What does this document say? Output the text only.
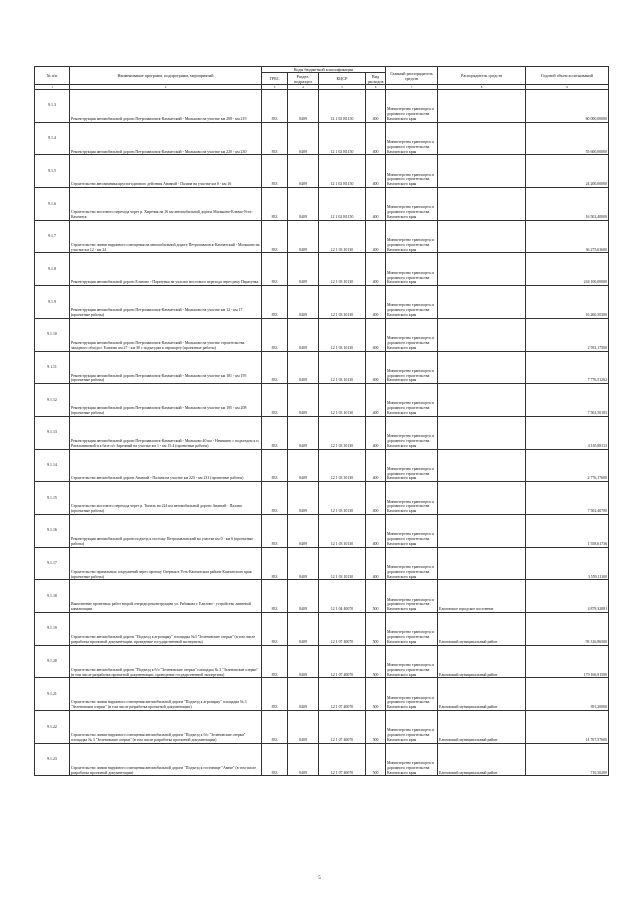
№ п/п	Наименование программ, подпрограмм, мероприятий	Коды бюджетной классификации				Главный распорядитель средств	Распорядитель средств	Годовой объем ассигнований
		ГРБС	Раздел, подраздел	КЦСР	Вид расходов			
1	2	3	4	5	6	7	8	9
9.1.3	Реконструкция автомобильной дороги Петропавловск-Камчатский - Мильково на участке км 208 - км 219	833	0409	12 1 02 R1150	400	Министерство транспорта и дорожного строительства Камчатского края		60 000,00000
9.1.4	Реконструкция автомобильной дороги Петропавловск-Камчатский - Мильково на участке км 220 - км 230	833	0409	12 1 02 R1150	400	Министерство транспорта и дорожного строительства Камчатского края		55 600,00000
9.1.5	Строительство автозимника круглогодичного действия Анавгай - Палана на участке км 0 - км 16	833	0409	12 1 02 R1150	400	Министерство транспорта и дорожного строительства Камчатского края		24 200,00000
9.1.6	Строительство мостового перехода через р. Хиречик на 16 км автомобильной дороги Мильково-Ключи-Усть-Камчатск	833	0409	12 1 02 R1150	400	Министерство транспорта и дорожного строительства Камчатского края		16 502,40000
9.1.7	Строительство линии наружного освещения на автомобильной дороге Петропавловск-Камчатский - Мильково на участке км 12 - км 24	833	0409	12 1 03 10130	400	Министерство транспорта и дорожного строительства Камчатского края		36 275,63600
9.1.8	Реконструкция автомобильной дороги Елизово - Паратунка на участке мостового перехода через реку Паратунка	833	0409	12 1 03 10130	400	Министерство транспорта и дорожного строительства Камчатского края		244 100,00000
9.1.9	Реконструкция автомобильной дороги Петропавловск-Камчатский - Мильково на участке км 12 - км 17 (проектные работы)	833	0409	12 1 03 10130	400	Министерство транспорта и дорожного строительства Камчатского края		16 260,50300
9.1.10	Реконструкция автомобильной дороги Петропавловск-Камчатский - Мильково на участке строительства западного обхода г. Елизово км 27 - км 30 с подъездом к аэропорту (проектные работы)	833	0409	12 1 03 10130	400	Министерство транспорта и дорожного строительства Камчатского края		2 592,17500
9.1.11	Реконструкция автомобильной дороги Петропавловск-Камчатский - Мильково на участке км 181 - км 195 (проектные работы)	833	0409	12 1 03 10130	400	Министерство транспорта и дорожного строительства Камчатского края		7 776,51262
9.1.12	Реконструкция автомобильной дороги Петропавловск-Камчатский - Мильково на участке км 195 - км 208 (проектные работы)	833	0409	12 1 03 10130	400	Министерство транспорта и дорожного строительства Камчатского края		7 502,50183
9.1.13	Реконструкция автомобильной дороги Петропавловск-Камчатский - Мильково 40 км - Начикино с подъездом к п. Ратальниковой и к базе п/с Заречный на участке км 1 - км 15.4 (проектные работы)	833	0409	12 1 03 10130	400	Министерство транспорта и дорожного строительства Камчатского края		4 165,88113
9.1.14	Строительство автомобильной дороги Анавгай - Палана на участке км 225 - км 231 (проектные работы)	833	0409	12 1 03 10130	400	Министерство транспорта и дорожного строительства Камчатского края		2 776,17600
9.1.15	Строительство мостового перехода через р. Тигиль на 224 км автомобильной дороги Анавгай - Палана (проектные работы)	833	0409	12 1 03 10130	400	Министерство транспорта и дорожного строительства Камчатского края		7 502,40700
9.1.16	Реконструкция автомобильной дороги подъезд к поселку Петропавловский на участке км 0 - км 6 (проектные работы)	833	0409	12 1 03 10130	400	Министерство транспорта и дорожного строительства Камчатского края		1 558,61736
9.1.17	Строительство причальных сооружений через протоку Озерная в Усть-Камчатском районе Камчатского края (проектные работы)	833	0409	12 1 03 10130	400	Министерство транспорта и дорожного строительства Камчатского края		3 559,11100
9.1.18	Выполнение проектных работ второй очереди реконструкции ул. Рябикова г. Елизово - устройство ливневой канализации	833	0409	12 1 04 40070	500	Министерство транспорта и дорожного строительства Камчатского края	Елизовское городское поселение	4 879,32881
9.1.19	Строительство автомобильной дороги "Подъезд к агропарку" площадка №3 "Зеленовские озерки" (в том числе разработка проектной документации, проведение государственной экспертизы)	833	0409	12 1 07 40070	500	Министерство транспорта и дорожного строительства Камчатского края	Елизовский муниципальный район	93 316,86500
9.1.20	Строительство автомобильной дороги "Подъезд к б/о "Зеленовские озерки" площадка № 3 "Зеленовские озерки" (в том числе разработка проектной документации, проведение государственной экспертизы)	833	0409	12 1 07 40070	500	Министерство транспорта и дорожного строительства Камчатского края	Елизовский муниципальный район	179 166,91500
9.1.21	Строительство линии наружного освещения автомобильной дороги "Подъезд к агропарку" площадка № 3 "Зеленовские озерки" (в том числе разработка проектной документации)	833	0409	12 1 07 40070	500	Министерство транспорта и дорожного строительства Камчатского края	Елизовский муниципальный район	391,20000
9.1.22	Строительство линии наружного освещения автомобильной дороги "Подъезд к б/о "Зеленовские озерки" площадка № 3 "Зеленовские озерки" (в том числе разработка проектной документации)	833	0409	12 1 07 40070	500	Министерство транспорта и дорожного строительства Камчатского края	Елизовский муниципальный район	14 767,57600
9.1.23	Строительство линии наружного освещения автомобильной дороги "Подъезд к гостинице "Аваче" (в том числе разработка проектной документации)	833	0409	12 1 07 40070	500	Министерство транспорта и дорожного строительства Камчатского края	Елизовский муниципальный район	710,50200
5
